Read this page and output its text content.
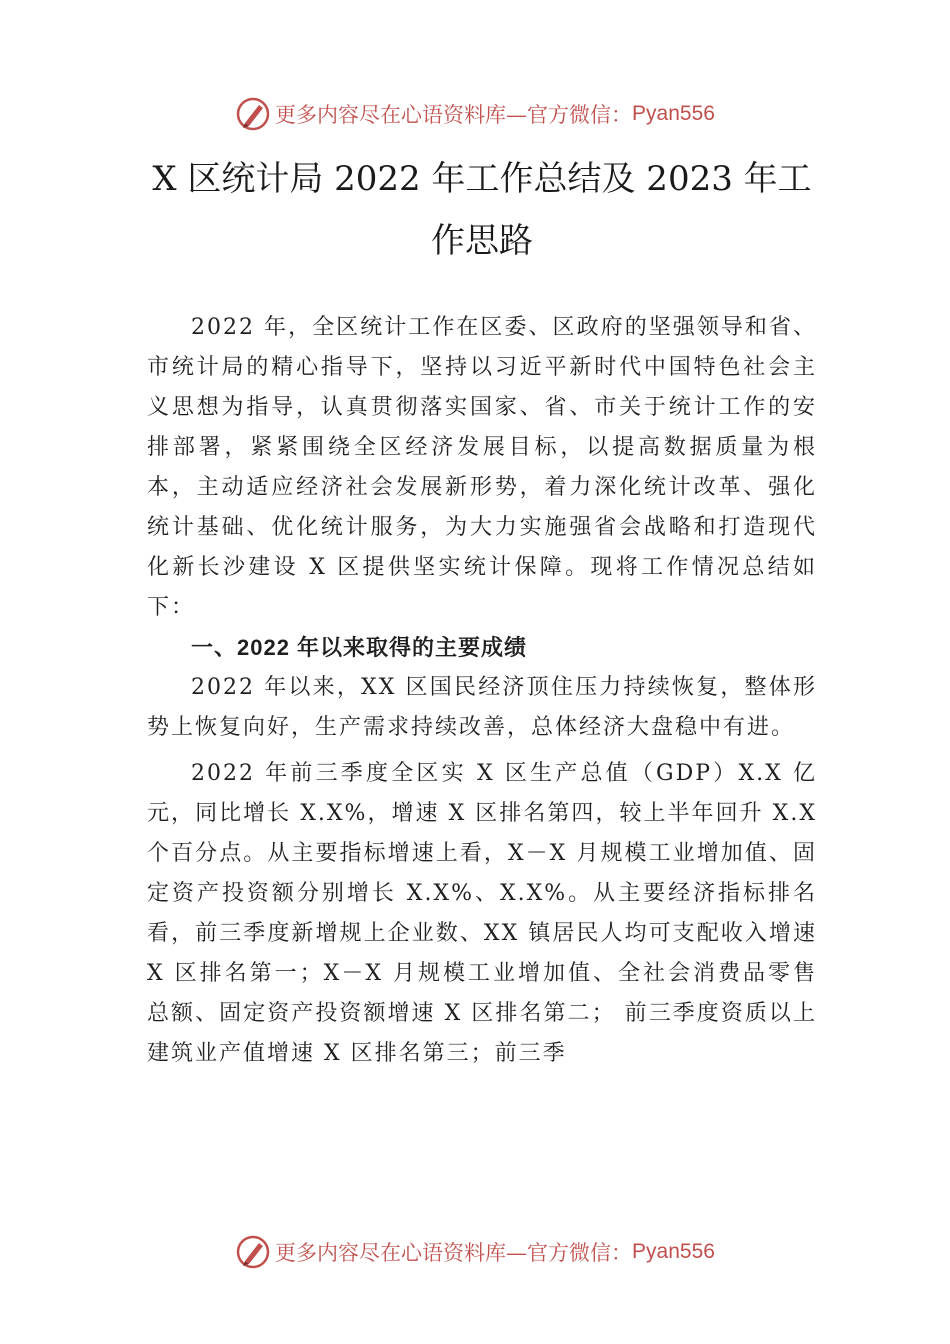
更多内容尽在心语资料库—官方微信： Pyan556
X 区统计局 2022 年工作总结及 2023 年工作思路

2022 年，全区统计工作在区委、区政府的坚强领导和省、市统计局的精心指导下，坚持以习近平新时代中国特色社会主义思想为指导，认真贯彻落实国家、省、市关于统计工作的安排部署，紧紧围绕全区经济发展目标，以提高数据质量为根本，主动适应经济社会发展新形势，着力深化统计改革、强化统计基础、优化统计服务，为大力实施强省会战略和打造现代化新长沙建设 X 区提供坚实统计保障。现将工作情况总结如下：

一、2022 年以来取得的主要成绩

2022 年以来，XX 区国民经济顶住压力持续恢复，整体形势上恢复向好，生产需求持续改善，总体经济大盘稳中有进。

2022 年前三季度全区实 X 区生产总值（GDP）X.X 亿元，同比增长 X.X%，增速 X 区排名第四，较上半年回升 X.X 个百分点。从主要指标增速上看，X－X 月规模工业增加值、固定资产投资额分别增长 X.X%、X.X%。从主要经济指标排名看，前三季度新增规上企业数、XX 镇居民人均可支配收入增速 X 区排名第一；X－X 月规模工业增加值、全社会消费品零售总额、固定资产投资额增速 X 区排名第二； 前三季度资质以上建筑业产值增速 X 区排名第三；前三季

更多内容尽在心语资料库—官方微信： Pyan556
